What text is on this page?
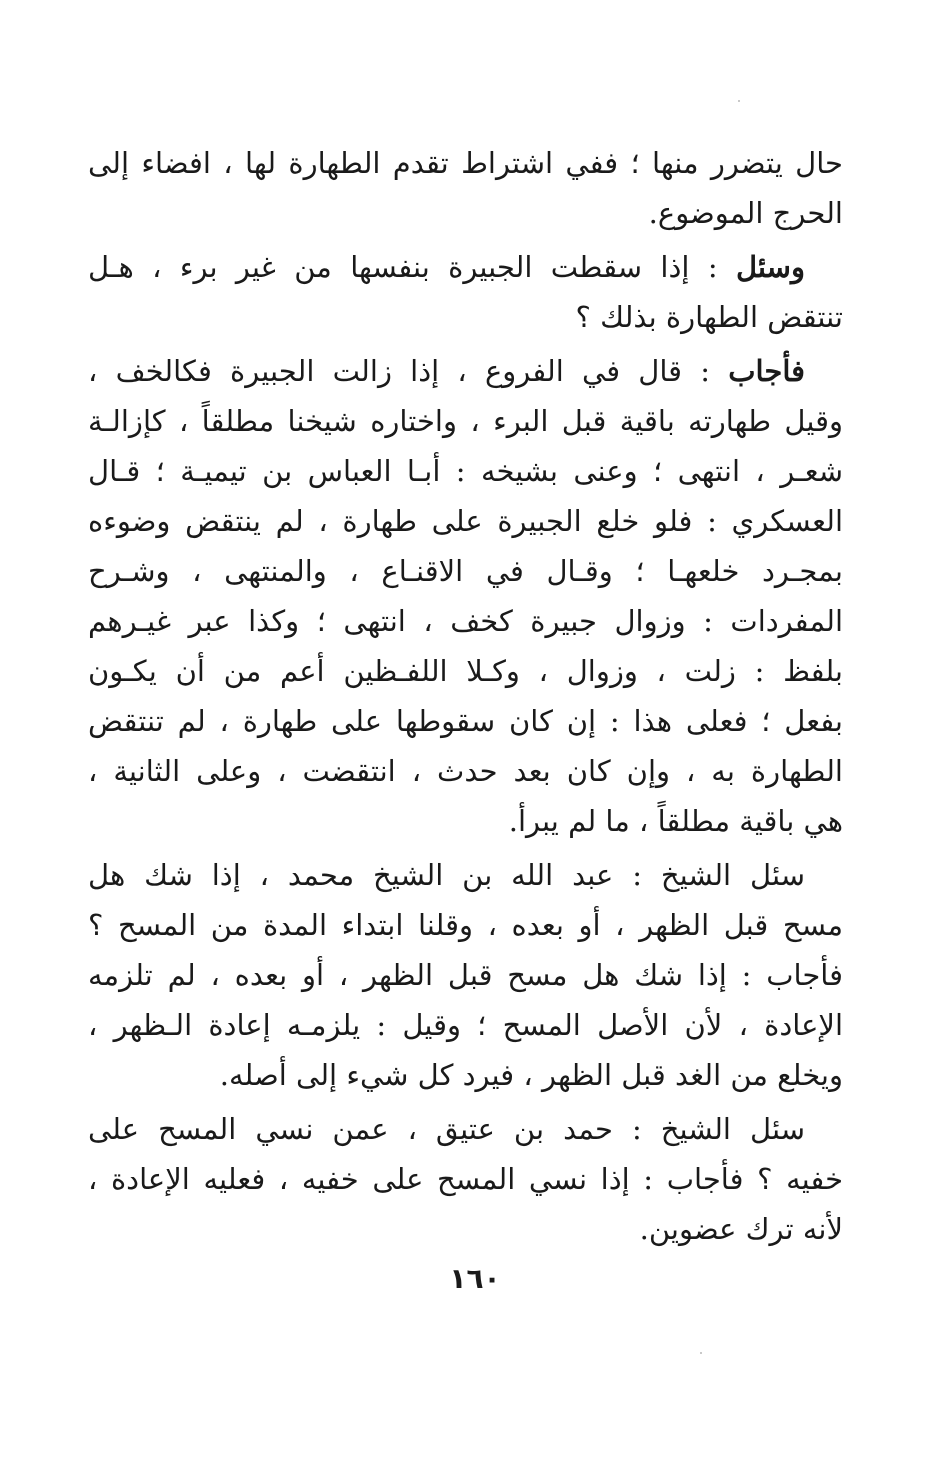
حال يتضرر منها ؛ ففي اشتراط تقدم الطهارة لها ، افضاء إلى
الحرج الموضوع.
وسئل : إذا سقطت الجبيرة بنفسها من غير برء ، هـل
تنتقض الطهارة بذلك ؟
فأجاب : قال في الفروع ، إذا زالت الجبيرة فكالخف ،
وقيل طهارته باقية قبل البرء ، واختاره شيخنا مطلقاً ، كإزالـة
شعـر ، انتهى ؛ وعنى بشيخه : أبـا العباس بن تيميـة ؛ قـال
العسكري : فلو خلع الجبيرة على طهارة ، لم ينتقض وضوءه
بمجـرد خلعهـا ؛ وقـال في الاقنـاع ، والمنتهى ، وشـرح
المفردات : وزوال جبيرة كخف ، انتهى ؛ وكذا عبر غيـرهم
بلفظ : زلت ، وزوال ، وكـلا اللفـظين أعم من أن يكـون
بفعل ؛ فعلى هذا : إن كان سقوطها على طهارة ، لم تنتقض
الطهارة به ، وإن كان بعد حدث ، انتقضت ، وعلى الثانية ،
هي باقية مطلقاً ، ما لم يبرأ.
سئل الشيخ : عبد الله بن الشيخ محمد ، إذا شك هل
مسح قبل الظهر ، أو بعده ، وقلنا ابتداء المدة من المسح ؟
فأجاب : إذا شك هل مسح قبل الظهر ، أو بعده ، لم تلزمه
الإعادة ، لأن الأصل المسح ؛ وقيل : يلزمـه إعادة الـظهر ،
ويخلع من الغد قبل الظهر ، فيرد كل شيء إلى أصله.
سئل الشيخ : حمد بن عتيق ، عمن نسي المسح على
خفيه ؟ فأجاب : إذا نسي المسح على خفيه ، فعليه الإعادة ،
لأنه ترك عضوين.
١٦٠
